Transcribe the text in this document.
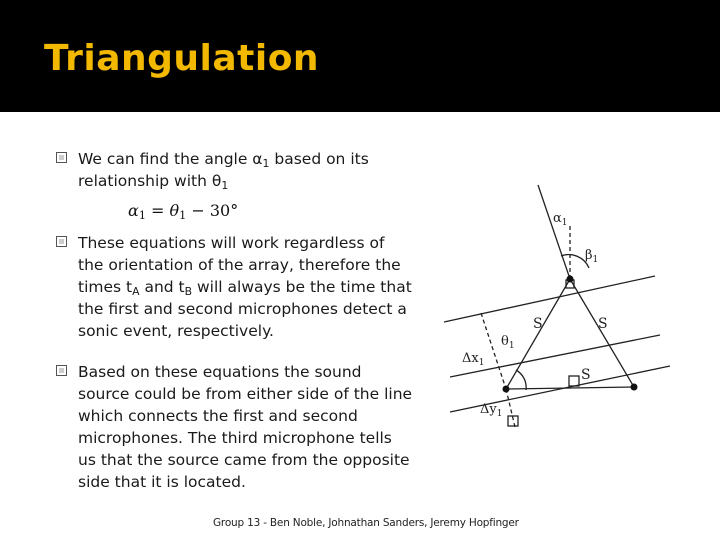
Triangulation
We can find the angle $\alpha_1$ based on its relationship with $\theta_1$
$\alpha_1 = \theta_1 - 30^\circ$
These equations will work regardless of the orientation of the array, therefore the times $t_A$ and $t_B$ will always be the time that the first and second microphones detect a sonic event, respectively.
Based on these equations the sound source could be from either side of the line which connects the first and second microphones. The third microphone tells us that the source came from the opposite side that it is located.
$\alpha_1$
$\beta_1$
$\theta_1$
S	S
S
$\Delta x_1$
$\Delta y_1$
Group 13 - Ben Noble, Johnathan Sanders, Jeremy Hopfinger
